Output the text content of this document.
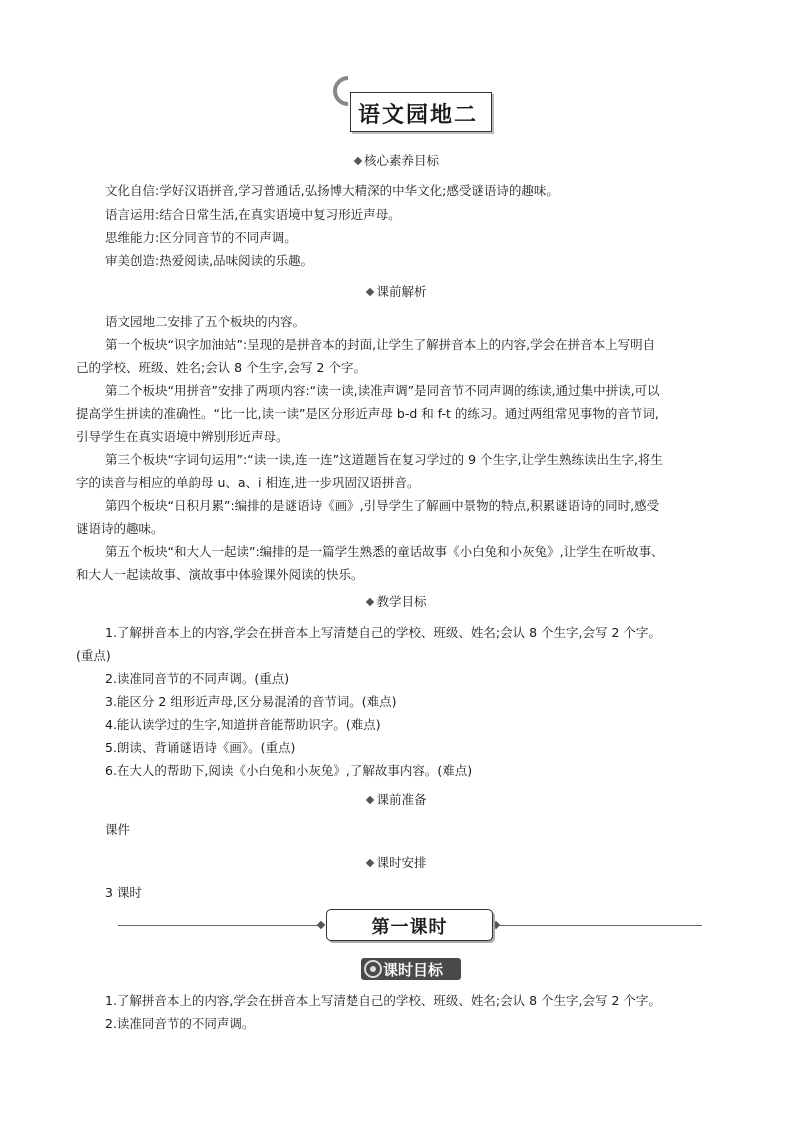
语文园地二
核心素养目标
文化自信:学好汉语拼音,学习普通话,弘扬博大精深的中华文化;感受谜语诗的趣味。
语言运用:结合日常生活,在真实语境中复习形近声母。
思维能力:区分同音节的不同声调。
审美创造:热爱阅读,品味阅读的乐趣。
课前解析
语文园地二安排了五个板块的内容。
第一个板块“识字加油站”:呈现的是拼音本的封面,让学生了解拼音本上的内容,学会在拼音本上写明自
己的学校、班级、姓名;会认 8 个生字,会写 2 个字。
第二个板块“用拼音”安排了两项内容:“读一读,读准声调”是同音节不同声调的练读,通过集中拼读,可以
提高学生拼读的准确性。“比一比,读一读”是区分形近声母 b-d 和 f-t 的练习。通过两组常见事物的音节词,
引导学生在真实语境中辨别形近声母。
第三个板块“字词句运用”:“读一读,连一连”这道题旨在复习学过的 9 个生字,让学生熟练读出生字,将生
字的读音与相应的单韵母 u、a、i 相连,进一步巩固汉语拼音。
第四个板块“日积月累”:编排的是谜语诗《画》,引导学生了解画中景物的特点,积累谜语诗的同时,感受
谜语诗的趣味。
第五个板块“和大人一起读”:编排的是一篇学生熟悉的童话故事《小白兔和小灰兔》,让学生在听故事、
和大人一起读故事、演故事中体验课外阅读的快乐。
教学目标
1.了解拼音本上的内容,学会在拼音本上写清楚自己的学校、班级、姓名;会认 8 个生字,会写 2 个字。
(重点)
2.读准同音节的不同声调。(重点)
3.能区分 2 组形近声母,区分易混淆的音节词。(难点)
4.能认读学过的生字,知道拼音能帮助识字。(难点)
5.朗读、背诵谜语诗《画》。(重点)
6.在大人的帮助下,阅读《小白兔和小灰兔》,了解故事内容。(难点)
课前准备
课件
课时安排
3 课时
第一课时
课时目标
1.了解拼音本上的内容,学会在拼音本上写清楚自己的学校、班级、姓名;会认 8 个生字,会写 2 个字。
2.读准同音节的不同声调。
